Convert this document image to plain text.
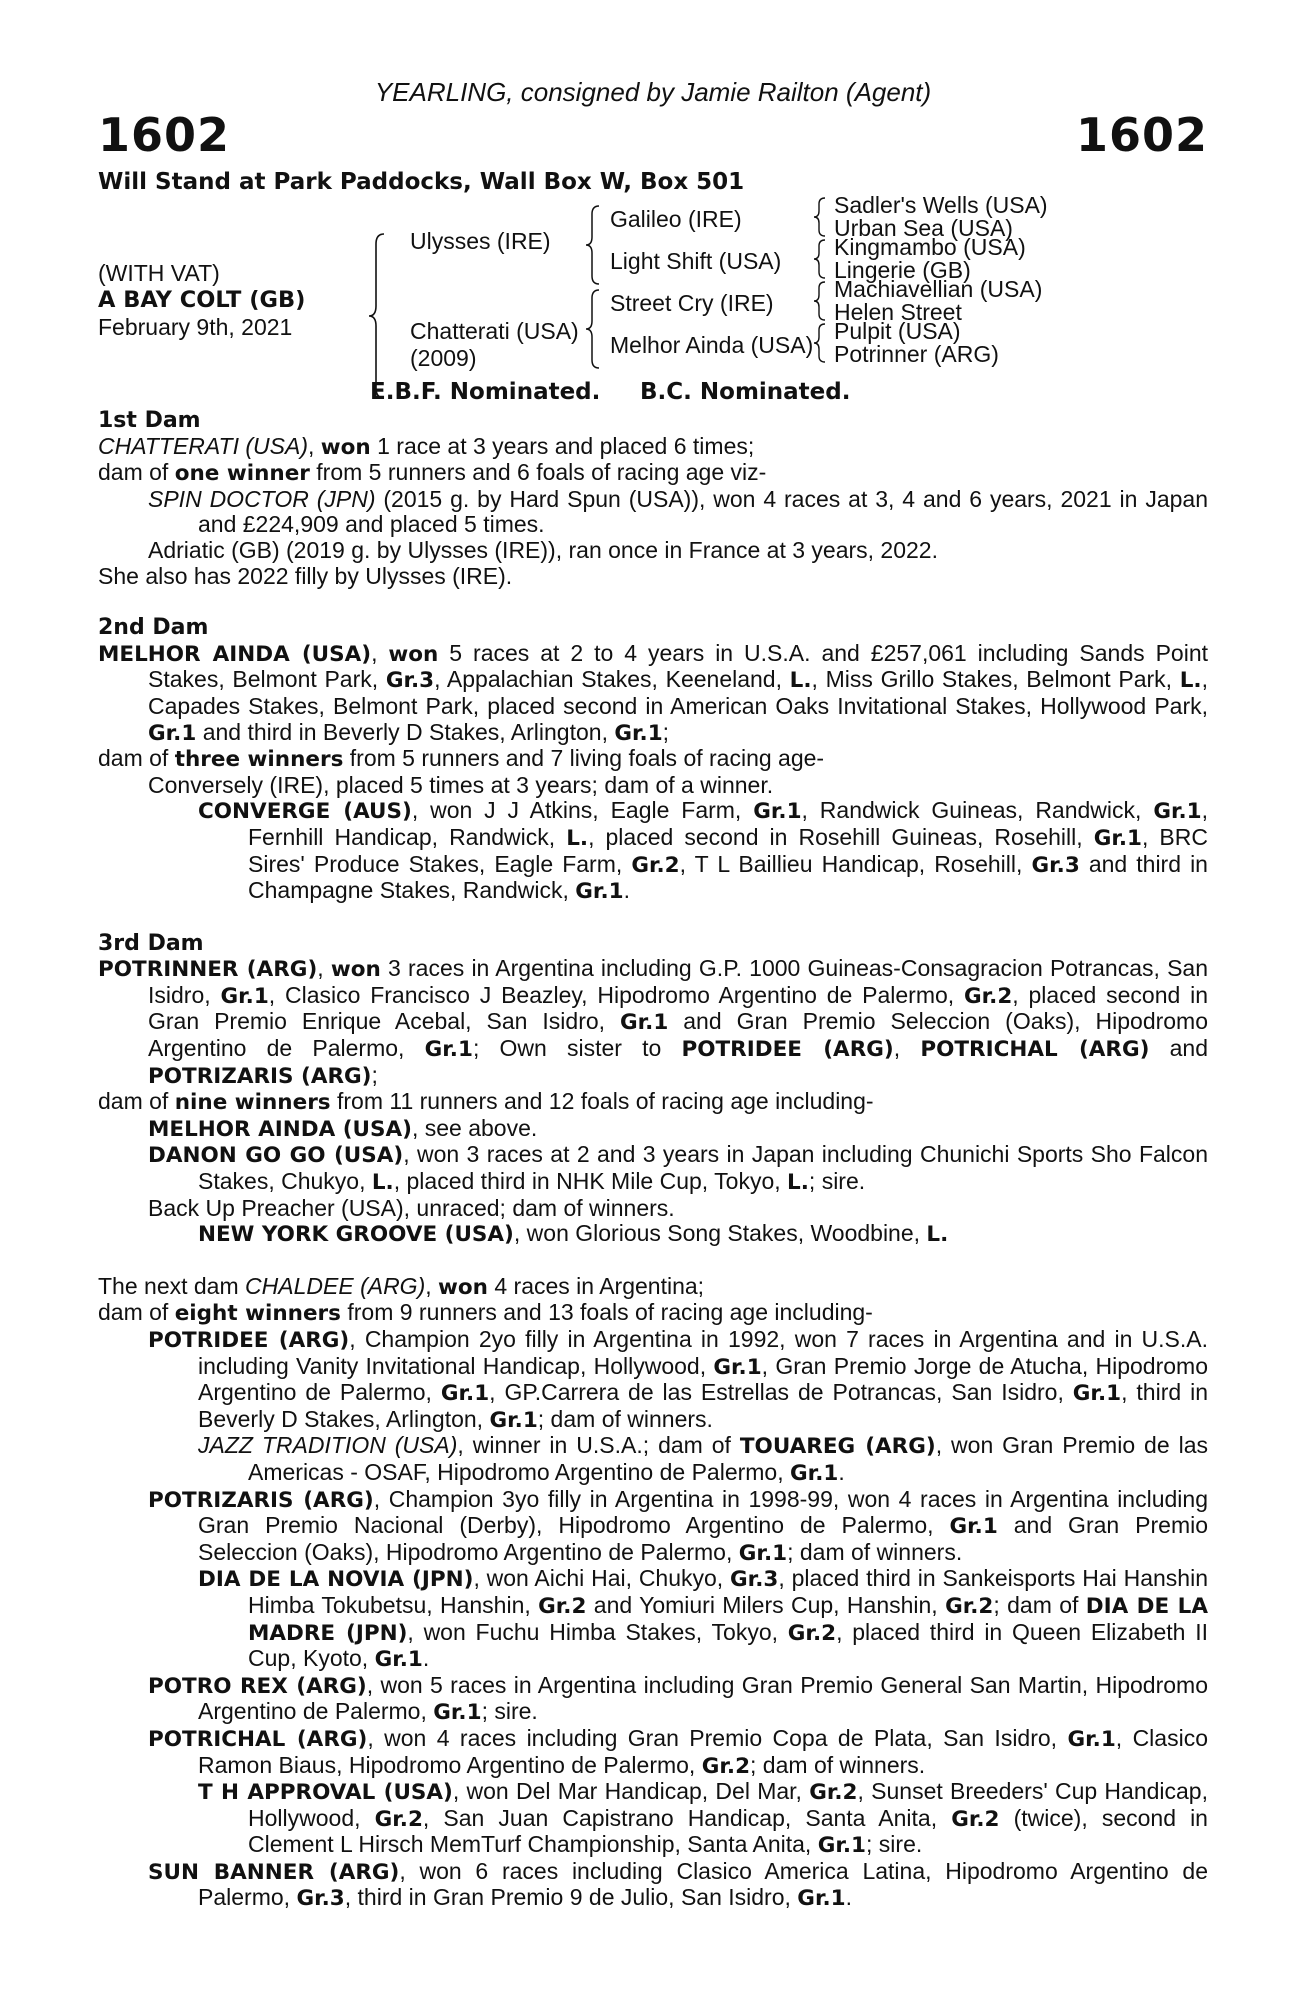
YEARLING, consigned by Jamie Railton (Agent)
1602	1602
Will Stand at Park Paddocks, Wall Box W, Box 501
(WITH VAT)
A BAY COLT (GB)
February 9th, 2021
Ulysses (IRE)
Chatterati (USA)
(2009)
Galileo (IRE)
Light Shift (USA)
Street Cry (IRE)
Melhor Ainda (USA)
Sadler's Wells (USA)
Urban Sea (USA)
Kingmambo (USA)
Lingerie (GB)
Machiavellian (USA)
Helen Street
Pulpit (USA)
Potrinner (ARG)
E.B.F. Nominated. B.C. Nominated.
1st Dam

CHATTERATI (USA), won 1 race at 3 years and placed 6 times;

dam of one winner from 5 runners and 6 foals of racing age viz-

SPIN DOCTOR (JPN) (2015 g. by Hard Spun (USA)), won 4 races at 3, 4 and 6 years, 2021 in Japan and £224,909 and placed 5 times.

Adriatic (GB) (2019 g. by Ulysses (IRE)), ran once in France at 3 years, 2022.

She also has 2022 filly by Ulysses (IRE).

2nd Dam

MELHOR AINDA (USA), won 5 races at 2 to 4 years in U.S.A. and £257,061 including Sands Point Stakes, Belmont Park, Gr.3, Appalachian Stakes, Keeneland, L., Miss Grillo Stakes, Belmont Park, L., Capades Stakes, Belmont Park, placed second in American Oaks Invitational Stakes, Hollywood Park, Gr.1 and third in Beverly D Stakes, Arlington, Gr.1;

dam of three winners from 5 runners and 7 living foals of racing age-

Conversely (IRE), placed 5 times at 3 years; dam of a winner.

CONVERGE (AUS), won J J Atkins, Eagle Farm, Gr.1, Randwick Guineas, Randwick, Gr.1, Fernhill Handicap, Randwick, L., placed second in Rosehill Guineas, Rosehill, Gr.1, BRC Sires' Produce Stakes, Eagle Farm, Gr.2, T L Baillieu Handicap, Rosehill, Gr.3 and third in Champagne Stakes, Randwick, Gr.1.

3rd Dam

POTRINNER (ARG), won 3 races in Argentina including G.P. 1000 Guineas-Consagracion Potrancas, San Isidro, Gr.1, Clasico Francisco J Beazley, Hipodromo Argentino de Palermo, Gr.2, placed second in Gran Premio Enrique Acebal, San Isidro, Gr.1 and Gran Premio Seleccion (Oaks), Hipodromo Argentino de Palermo, Gr.1; Own sister to POTRIDEE (ARG), POTRICHAL (ARG) and POTRIZARIS (ARG);

dam of nine winners from 11 runners and 12 foals of racing age including-

MELHOR AINDA (USA), see above.

DANON GO GO (USA), won 3 races at 2 and 3 years in Japan including Chunichi Sports Sho Falcon Stakes, Chukyo, L., placed third in NHK Mile Cup, Tokyo, L.; sire.

Back Up Preacher (USA), unraced; dam of winners.

NEW YORK GROOVE (USA), won Glorious Song Stakes, Woodbine, L.

The next dam CHALDEE (ARG), won 4 races in Argentina;

dam of eight winners from 9 runners and 13 foals of racing age including-

POTRIDEE (ARG), Champion 2yo filly in Argentina in 1992, won 7 races in Argentina and in U.S.A. including Vanity Invitational Handicap, Hollywood, Gr.1, Gran Premio Jorge de Atucha, Hipodromo Argentino de Palermo, Gr.1, GP.Carrera de las Estrellas de Potrancas, San Isidro, Gr.1, third in Beverly D Stakes, Arlington, Gr.1; dam of winners.

JAZZ TRADITION (USA), winner in U.S.A.; dam of TOUAREG (ARG), won Gran Premio de las Americas - OSAF, Hipodromo Argentino de Palermo, Gr.1.

POTRIZARIS (ARG), Champion 3yo filly in Argentina in 1998-99, won 4 races in Argentina including Gran Premio Nacional (Derby), Hipodromo Argentino de Palermo, Gr.1 and Gran Premio Seleccion (Oaks), Hipodromo Argentino de Palermo, Gr.1; dam of winners.

DIA DE LA NOVIA (JPN), won Aichi Hai, Chukyo, Gr.3, placed third in Sankeisports Hai Hanshin Himba Tokubetsu, Hanshin, Gr.2 and Yomiuri Milers Cup, Hanshin, Gr.2; dam of DIA DE LA MADRE (JPN), won Fuchu Himba Stakes, Tokyo, Gr.2, placed third in Queen Elizabeth II Cup, Kyoto, Gr.1.

POTRO REX (ARG), won 5 races in Argentina including Gran Premio General San Martin, Hipodromo Argentino de Palermo, Gr.1; sire.

POTRICHAL (ARG), won 4 races including Gran Premio Copa de Plata, San Isidro, Gr.1, Clasico Ramon Biaus, Hipodromo Argentino de Palermo, Gr.2; dam of winners.

T H APPROVAL (USA), won Del Mar Handicap, Del Mar, Gr.2, Sunset Breeders' Cup Handicap, Hollywood, Gr.2, San Juan Capistrano Handicap, Santa Anita, Gr.2 (twice), second in Clement L Hirsch MemTurf Championship, Santa Anita, Gr.1; sire.

SUN BANNER (ARG), won 6 races including Clasico America Latina, Hipodromo Argentino de Palermo, Gr.3, third in Gran Premio 9 de Julio, San Isidro, Gr.1.
